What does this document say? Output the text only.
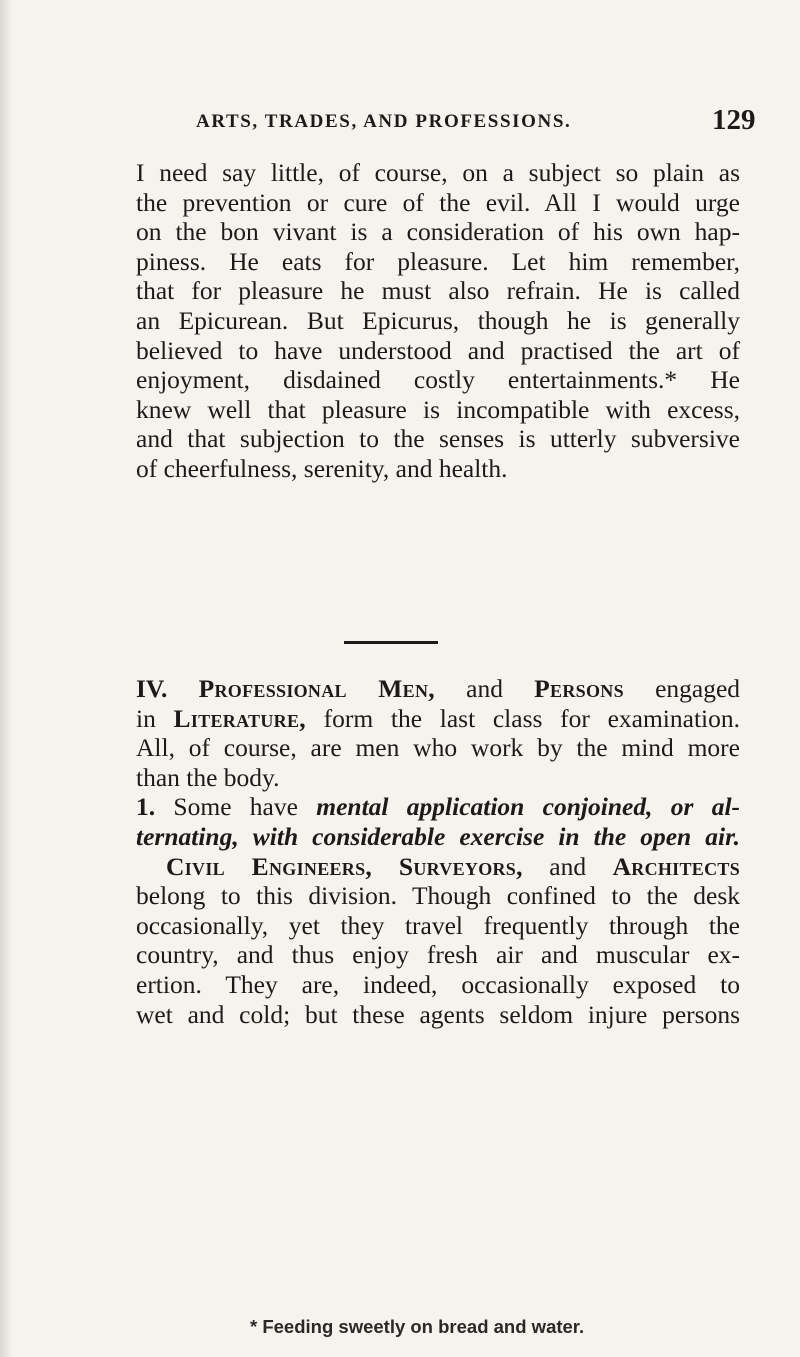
ARTS, TRADES, AND PROFESSIONS.	129
I need say little, of course, on a subject so plain as
the prevention or cure of the evil. All I would urge
on the bon vivant is a consideration of his own hap-
piness. He eats for pleasure. Let him remember,
that for pleasure he must also refrain. He is called
an Epicurean. But Epicurus, though he is generally
believed to have understood and practised the art of
enjoyment, disdained costly entertainments.* He
knew well that pleasure is incompatible with excess,
and that subjection to the senses is utterly subversive
of cheerfulness, serenity, and health.
IV. Professional Men, and Persons engaged
in Literature, form the last class for examination.
All, of course, are men who work by the mind more
than the body.
1. Some have mental application conjoined, or al-
ternating, with considerable exercise in the open air.
Civil Engineers, Surveyors, and Architects
belong to this division. Though confined to the desk
occasionally, yet they travel frequently through the
country, and thus enjoy fresh air and muscular ex-
ertion. They are, indeed, occasionally exposed to
wet and cold; but these agents seldom injure persons
* Feeding sweetly on bread and water.
